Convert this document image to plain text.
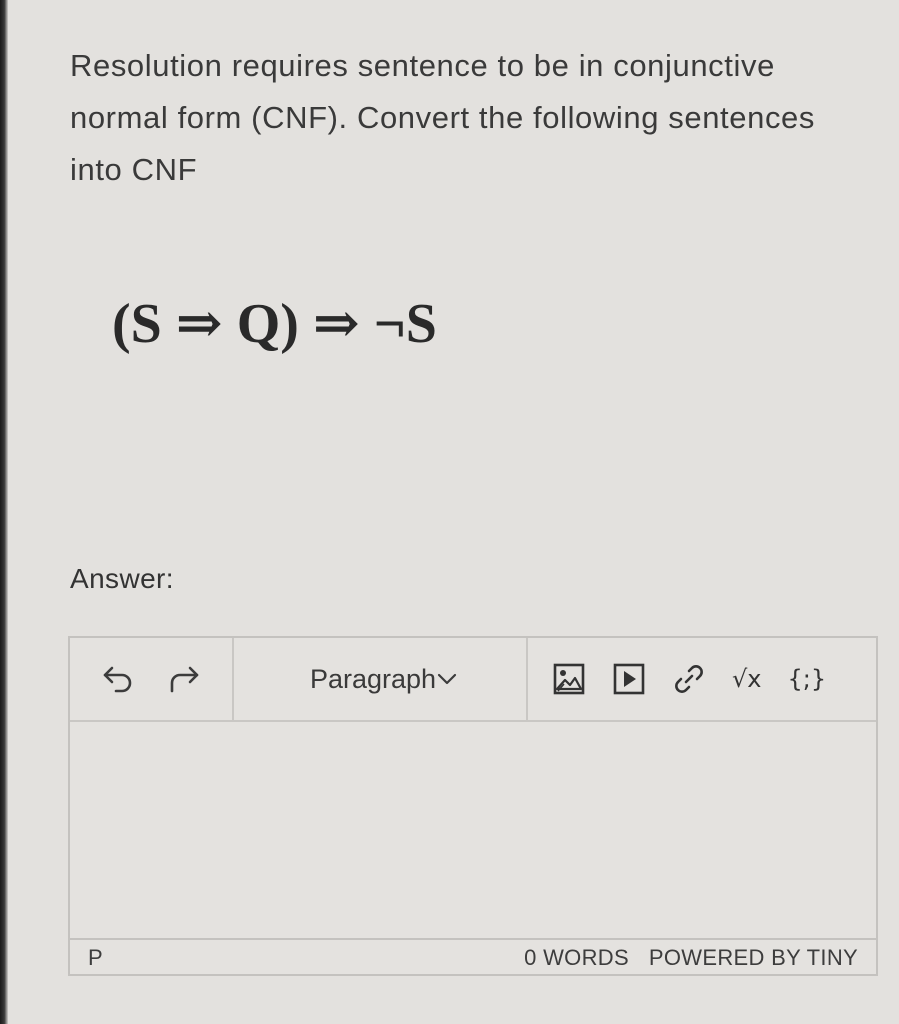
Resolution requires sentence to be in conjunctive normal form (CNF). Convert the following sentences into CNF

(S ⇒ Q) ⇒ ¬S
Answer:
Paragraph	√x {;}
P	0 WORDS POWERED BY TINY
